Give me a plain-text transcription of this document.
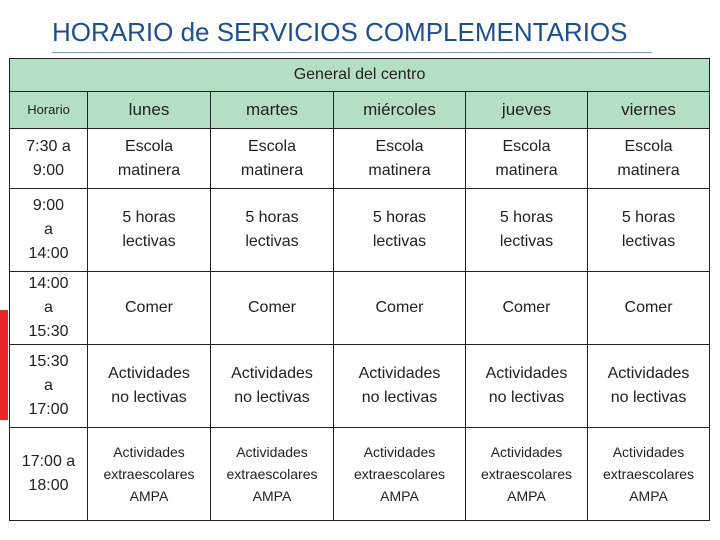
HORARIO de SERVICIOS COMPLEMENTARIOS
General del centro					
Horario	lunes	martes	miércoles	jueves	viernes

7:30 a
9:00	Escola
matinera	Escola
matinera	Escola
matinera	Escola
matinera	Escola
matinera

9:00
a
14:00	5 horas
lectivas	5 horas
lectivas	5 horas
lectivas	5 horas
lectivas	5 horas
lectivas

14:00
a
15:30	Comer	Comer	Comer	Comer	Comer

15:30
a
17:00	Actividades
no lectivas	Actividades
no lectivas	Actividades
no lectivas	Actividades
no lectivas	Actividades
no lectivas

17:00 a
18:00	Actividades
extraescolares
AMPA	Actividades
extraescolares
AMPA	Actividades
extraescolares
AMPA	Actividades
extraescolares
AMPA	Actividades
extraescolares
AMPA
